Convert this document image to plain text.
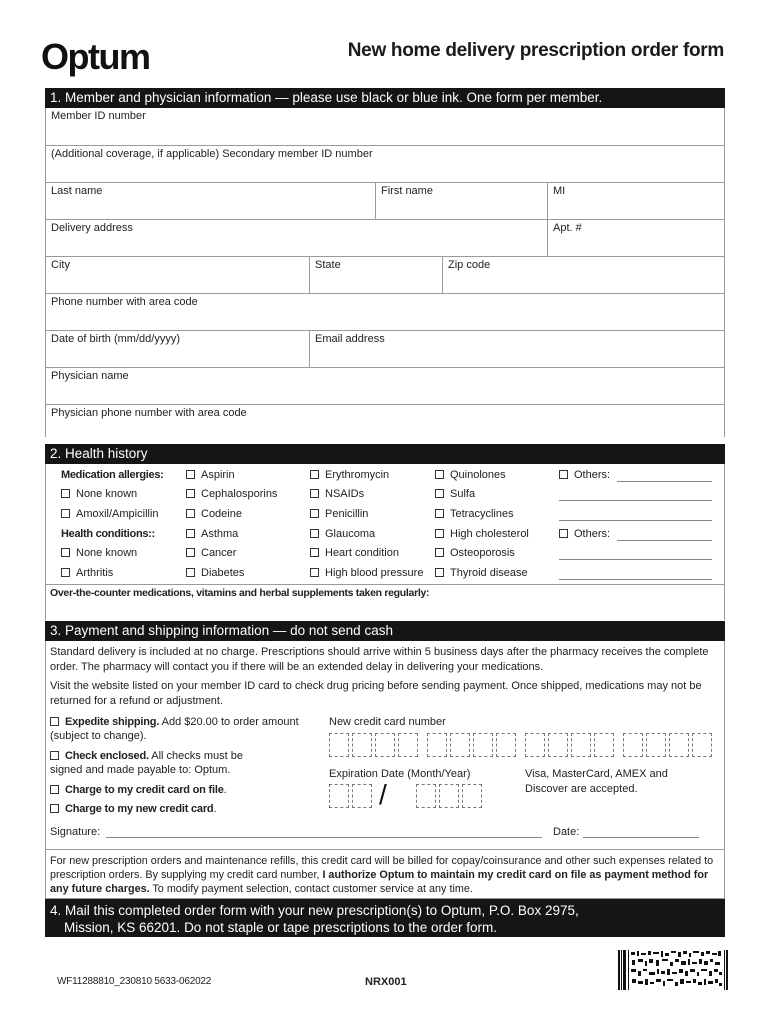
Optum	New home delivery prescription order form
1. Member and physician information — please use black or blue ink. One form per member.
Member ID number
(Additional coverage, if applicable) Secondary member ID number
Last name	First name	MI
Delivery address	Apt. #
City	State	Zip code
Phone number with area code
Date of birth (mm/dd/yyyy)	Email address
Physician name
Physician phone number with area code
2. Health history
Medication allergies:	Aspirin	Erythromycin	Quinolones	Others:
None known	Cephalosporins	NSAIDs	Sulfa
Amoxil/Ampicillin	Codeine	Penicillin	Tetracyclines
Health conditions::	Asthma	Glaucoma	High cholesterol	Others:
None known	Cancer	Heart condition	Osteoporosis
Arthritis	Diabetes	High blood pressure	Thyroid disease
Over-the-counter medications, vitamins and herbal supplements taken regularly:
3. Payment and shipping information — do not send cash
Standard delivery is included at no charge. Prescriptions should arrive within 5 business days after the pharmacy receives the complete order. The pharmacy will contact you if there will be an extended delay in delivering your medications.
Visit the website listed on your member ID card to check drug pricing before sending payment. Once shipped, medications may not be returned for a refund or adjustment.
Expedite shipping. Add $20.00 to order amount (subject to change).
Check enclosed. All checks must be signed and made payable to: Optum.
Charge to my credit card on file.
Charge to my new credit card.
New credit card number
Expiration Date (Month/Year)
/
Visa, MasterCard, AMEX and Discover are accepted.
Signature:	Date:
For new prescription orders and maintenance refills, this credit card will be billed for copay/coinsurance and other such expenses related to prescription orders. By supplying my credit card number, I authorize Optum to maintain my credit card on file as payment method for any future charges. To modify payment selection, contact customer service at any time.
4. Mail this completed order form with your new prescription(s) to Optum, P.O. Box 2975,
Mission, KS 66201. Do not staple or tape prescriptions to the order form.
WF11288810_230810 5633-062022	NRX001
